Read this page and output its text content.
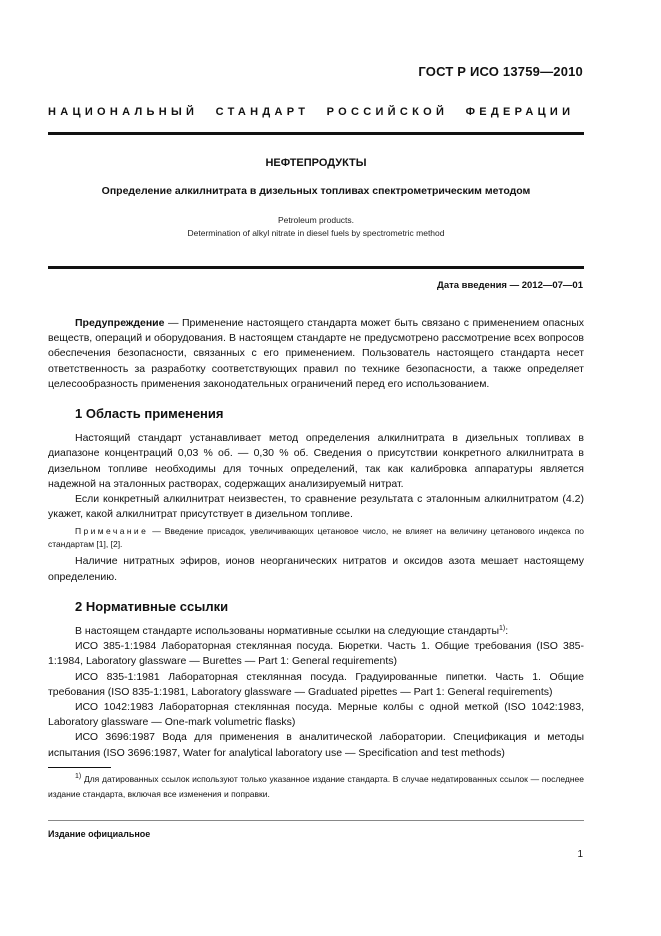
ГОСТ Р ИСО 13759—2010
НАЦИОНАЛЬНЫЙ СТАНДАРТ РОССИЙСКОЙ ФЕДЕРАЦИИ
НЕФТЕПРОДУКТЫ
Определение алкилнитрата в дизельных топливах спектрометрическим методом
Petroleum products.
Determination of alkyl nitrate in diesel fuels by spectrometric method
Дата введения — 2012—07—01

Предупреждение — Применение настоящего стандарта может быть связано с применением опасных веществ, операций и оборудования. В настоящем стандарте не предусмотрено рассмотрение всех вопросов обеспечения безопасности, связанных с его применением. Пользователь настоящего стандарта несет ответственность за разработку соответствующих правил по технике безопасности, а также определяет целесообразность применения законодательных ограничений перед его использованием.

1 Область применения

Настоящий стандарт устанавливает метод определения алкилнитрата в дизельных топливах в диапазоне концентраций 0,03 % об. — 0,30 % об. Сведения о присутствии конкретного алкилнитрата в дизельном топливе необходимы для точных определений, так как калибровка аппаратуры является надежной на эталонных растворах, содержащих анализируемый нитрат.

Если конкретный алкилнитрат неизвестен, то сравнение результата с эталонным алкилнитратом (4.2) укажет, какой алкилнитрат присутствует в дизельном топливе.

Примечание — Введение присадок, увеличивающих цетановое число, не влияет на величину цетанового индекса по стандартам [1], [2].

Наличие нитратных эфиров, ионов неорганических нитратов и оксидов азота мешает настоящему определению.

2 Нормативные ссылки

В настоящем стандарте использованы нормативные ссылки на следующие стандарты$^{1)}$:

ИСО 385-1:1984 Лабораторная стеклянная посуда. Бюретки. Часть 1. Общие требования (ISO 385-1:1984, Laboratory glassware — Burettes — Part 1: General requirements)

ИСО 835-1:1981 Лабораторная стеклянная посуда. Градуированные пипетки. Часть 1. Общие требования (ISO 835-1:1981, Laboratory glassware — Graduated pipettes — Part 1: General requirements)

ИСО 1042:1983 Лабораторная стеклянная посуда. Мерные колбы с одной меткой (ISO 1042:1983, Laboratory glassware — One-mark volumetric flasks)

ИСО 3696:1987 Вода для применения в аналитической лаборатории. Спецификация и методы испытания (ISO 3696:1987, Water for analytical laboratory use — Specification and test methods)

$^{1)}$ Для датированных ссылок используют только указанное издание стандарта. В случае недатированных ссылок — последнее издание стандарта, включая все изменения и поправки.
Издание официальное
1
